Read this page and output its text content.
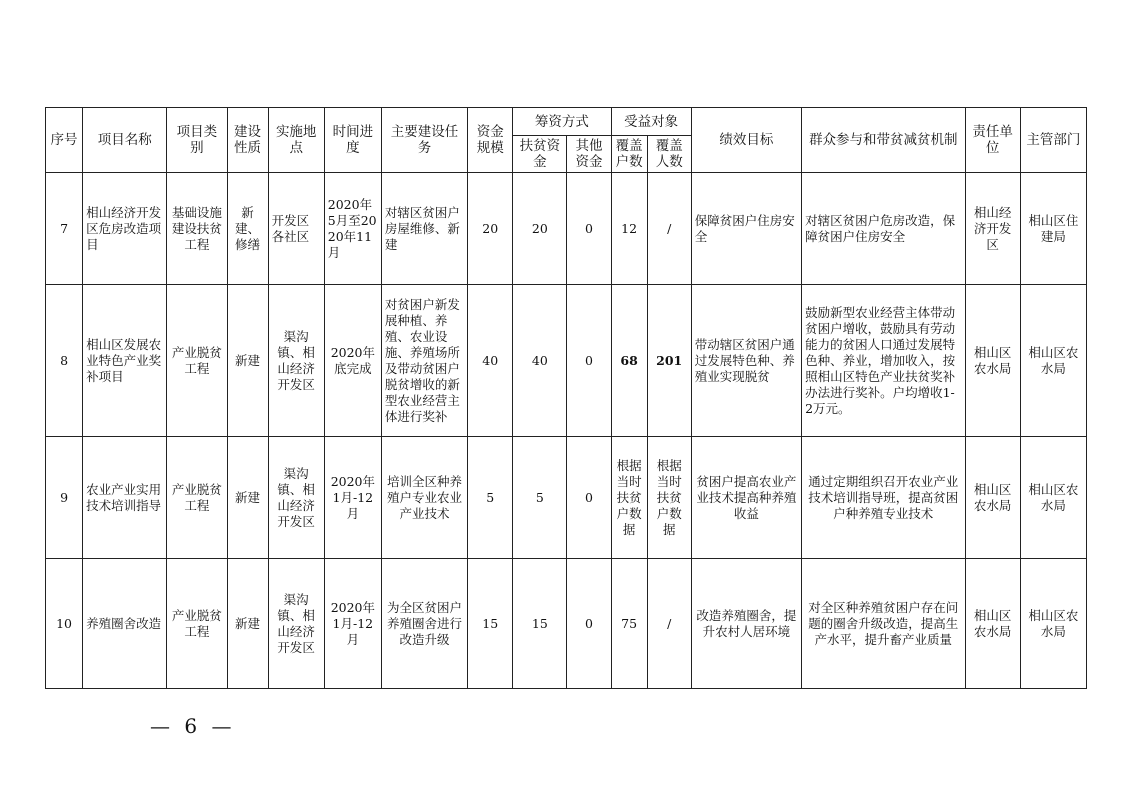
序号	项目名称	项目类别	建设性质	实施地点	时间进度	主要建设任务	资金规模	筹资方式		受益对象		绩效目标	群众参与和带贫减贫机制	责任单位	主管部门
								扶贫资金	其他资金	覆盖户数	覆盖人数				
7	相山经济开发区危房改造项目	基础设施建设扶贫工程	新建、修缮	开发区各社区	2020年5月至2020年11月	对辖区贫困户房屋维修、新建	20	20	0	12	/	保障贫困户住房安全	对辖区贫困户危房改造，保障贫困户住房安全	相山经济开发区	相山区住建局
8	相山区发展农业特色产业奖补项目	产业脱贫工程	新建	渠沟镇、相山经济开发区	2020年底完成	对贫困户新发展种植、养殖、农业设施、养殖场所及带动贫困户脱贫增收的新型农业经营主体进行奖补	40	40	0	68	201	带动辖区贫困户通过发展特色种、养殖业实现脱贫	鼓励新型农业经营主体带动贫困户增收，鼓励具有劳动能力的贫困人口通过发展特色种、养业，增加收入，按照相山区特色产业扶贫奖补办法进行奖补。户均增收1-2万元。	相山区农水局	相山区农水局
9	农业产业实用技术培训指导	产业脱贫工程	新建	渠沟镇、相山经济开发区	2020年1月-12月	培训全区种养殖户专业农业产业技术	5	5	0	根据当时扶贫户数据	根据当时扶贫户数据	贫困户提高农业产业技术提高种养殖收益	通过定期组织召开农业产业技术培训指导班，提高贫困户种养殖专业技术	相山区农水局	相山区农水局
10	养殖圈舍改造	产业脱贫工程	新建	渠沟镇、相山经济开发区	2020年1月-12月	为全区贫困户养殖圈舍进行改造升级	15	15	0	75	/	改造养殖圈舍，提升农村人居环境	对全区种养殖贫困户存在问题的圈舍升级改造，提高生产水平，提升畜产业质量	相山区农水局	相山区农水局
— 6 —
